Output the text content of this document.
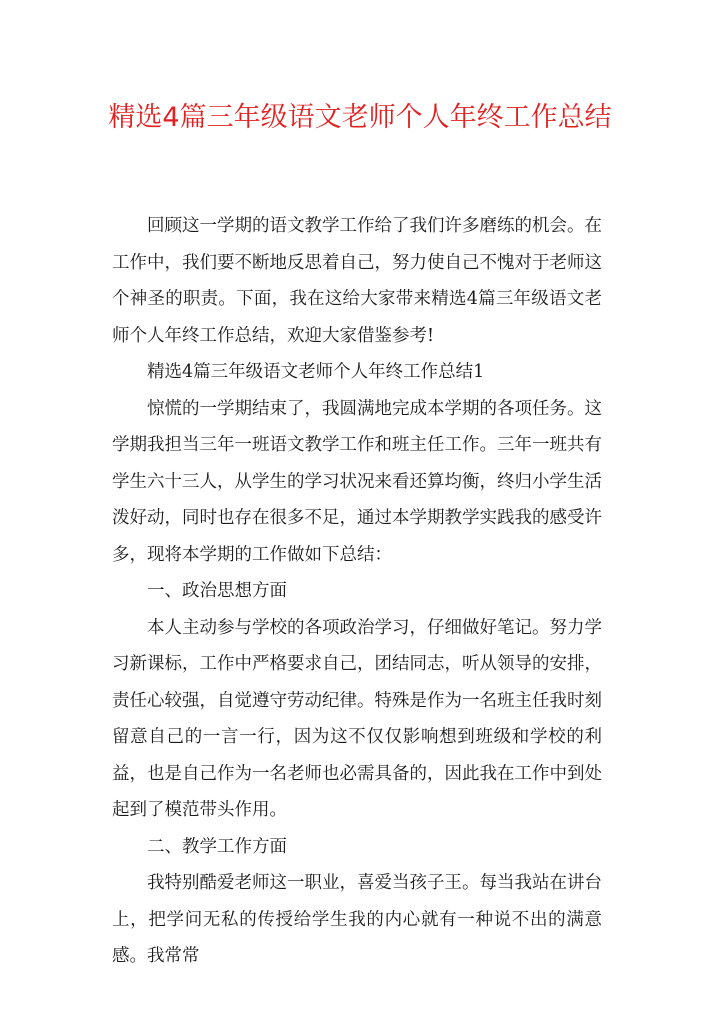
精选4篇三年级语文老师个人年终工作总结

回顾这一学期的语文教学工作给了我们许多磨练的机会。在工作中，我们要不断地反思着自己，努力使自己不愧对于老师这个神圣的职责。下面，我在这给大家带来精选4篇三年级语文老师个人年终工作总结，欢迎大家借鉴参考!

精选4篇三年级语文老师个人年终工作总结1

惊慌的一学期结束了，我圆满地完成本学期的各项任务。这学期我担当三年一班语文教学工作和班主任工作。三年一班共有学生六十三人，从学生的学习状况来看还算均衡，终归小学生活泼好动，同时也存在很多不足，通过本学期教学实践我的感受许多，现将本学期的工作做如下总结：

一、政治思想方面

本人主动参与学校的各项政治学习，仔细做好笔记。努力学习新课标，工作中严格要求自己，团结同志，听从领导的安排，责任心较强，自觉遵守劳动纪律。特殊是作为一名班主任我时刻留意自己的一言一行，因为这不仅仅影响想到班级和学校的利益，也是自己作为一名老师也必需具备的，因此我在工作中到处起到了模范带头作用。

二、教学工作方面

我特别酷爱老师这一职业，喜爱当孩子王。每当我站在讲台上，把学问无私的传授给学生我的内心就有一种说不出的满意感。我常常
